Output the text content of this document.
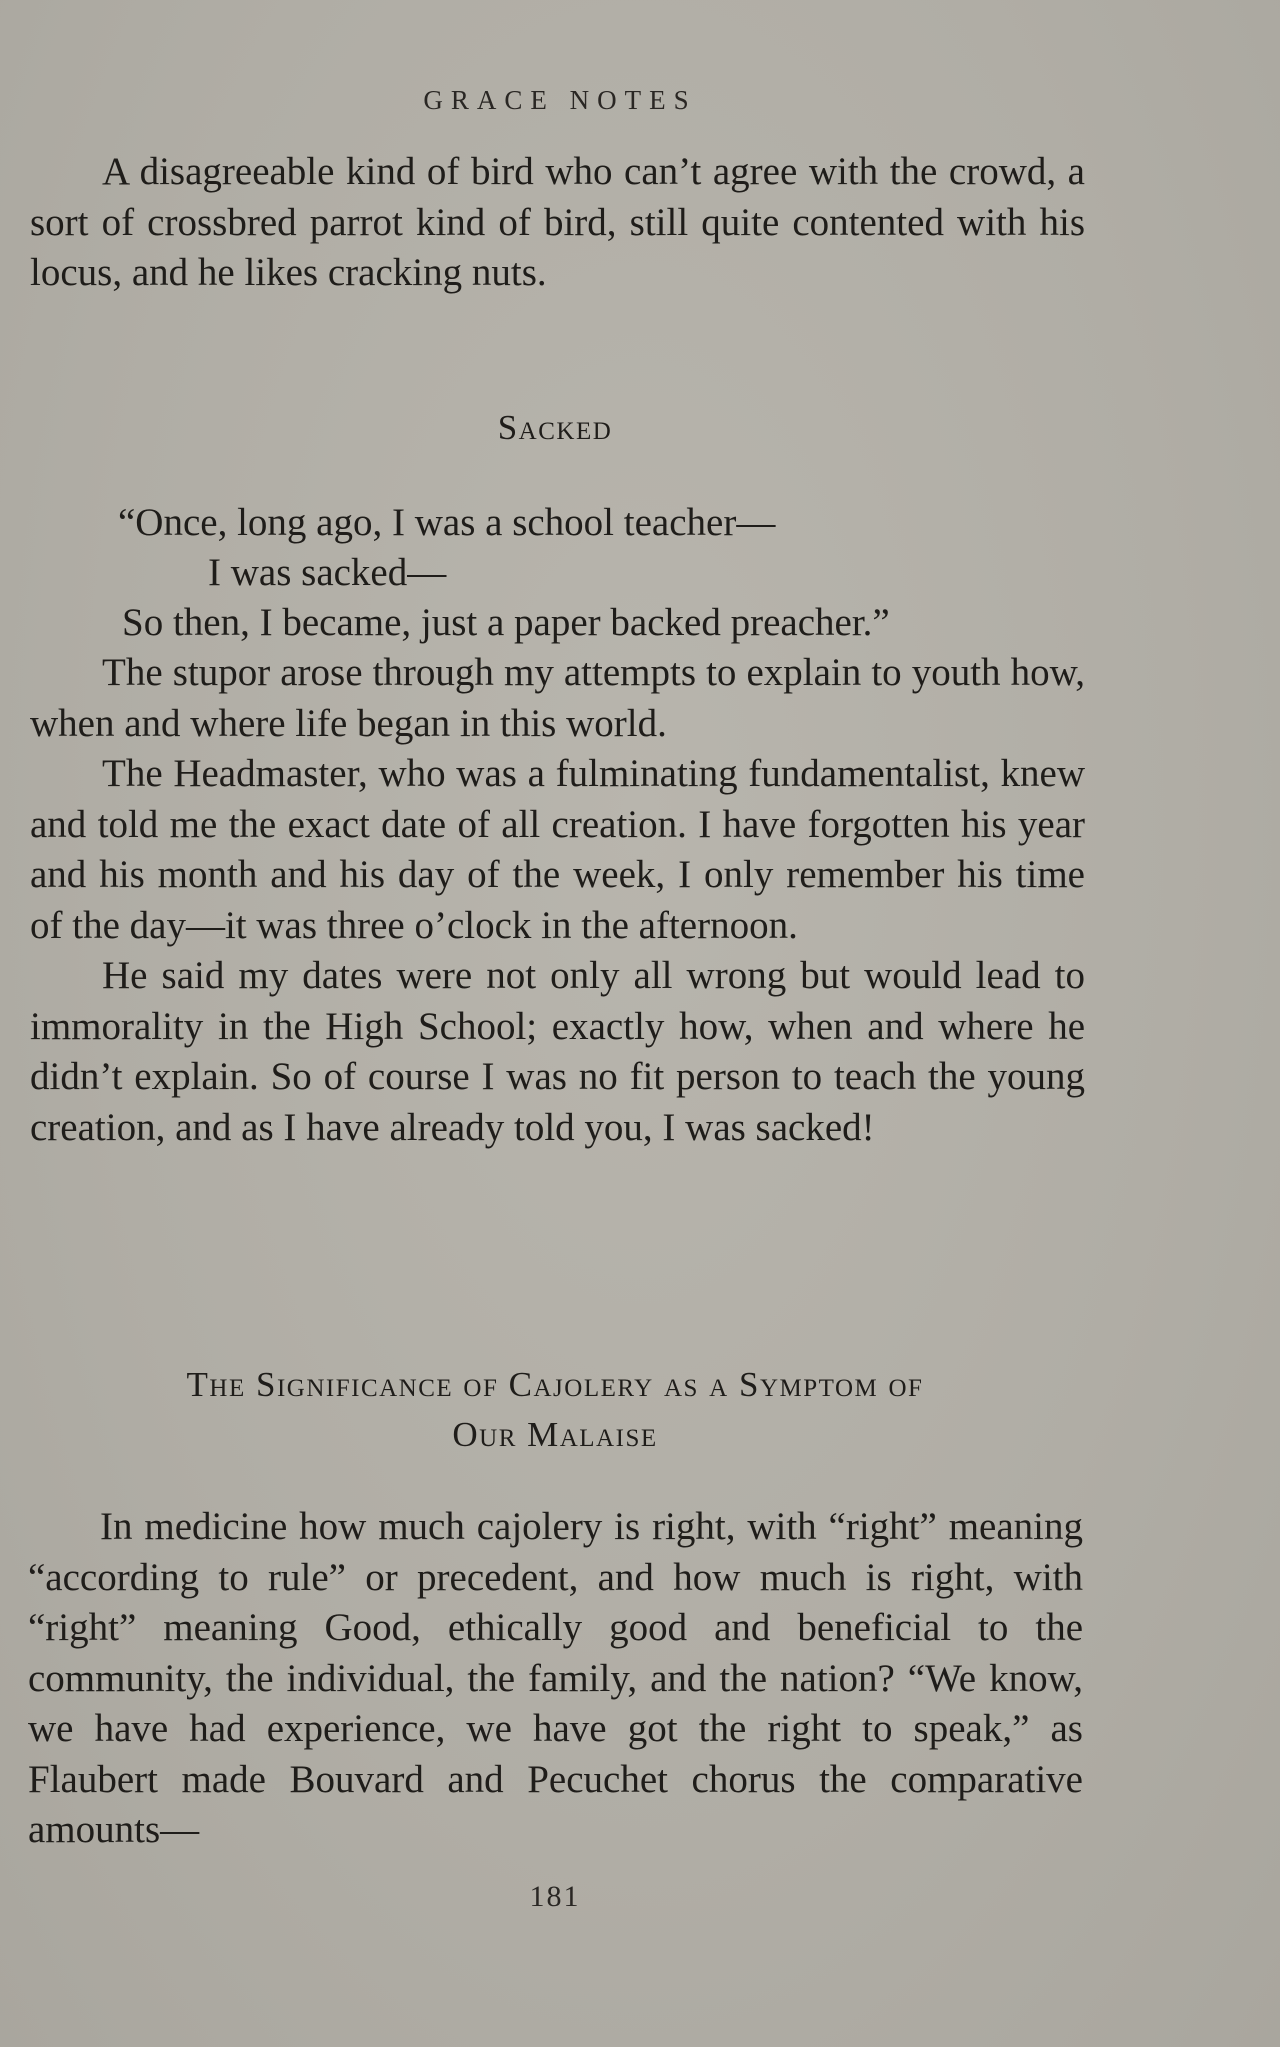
GRACE NOTES

A disagreeable kind of bird who can’t agree with the crowd, a sort of crossbred parrot kind of bird, still quite contented with his locus, and he likes cracking nuts.

Sacked
“Once, long ago, I was a school teacher—
I was sacked—
So then, I became, just a paper backed preacher.”

The stupor arose through my attempts to explain to youth how, when and where life began in this world.

The Headmaster, who was a fulminating fundamentalist, knew and told me the exact date of all creation. I have forgotten his year and his month and his day of the week, I only remember his time of the day—it was three o’clock in the afternoon.

He said my dates were not only all wrong but would lead to immorality in the High School; exactly how, when and where he didn’t explain. So of course I was no fit person to teach the young creation, and as I have already told you, I was sacked!

The Significance of Cajolery as a Symptom of
Our Malaise

In medicine how much cajolery is right, with “right” meaning “according to rule” or precedent, and how much is right, with “right” meaning Good, ethically good and beneficial to the community, the individual, the family, and the nation? “We know, we have had experience, we have got the right to speak,” as Flaubert made Bouvard and Pecuchet chorus the comparative amounts—

181
